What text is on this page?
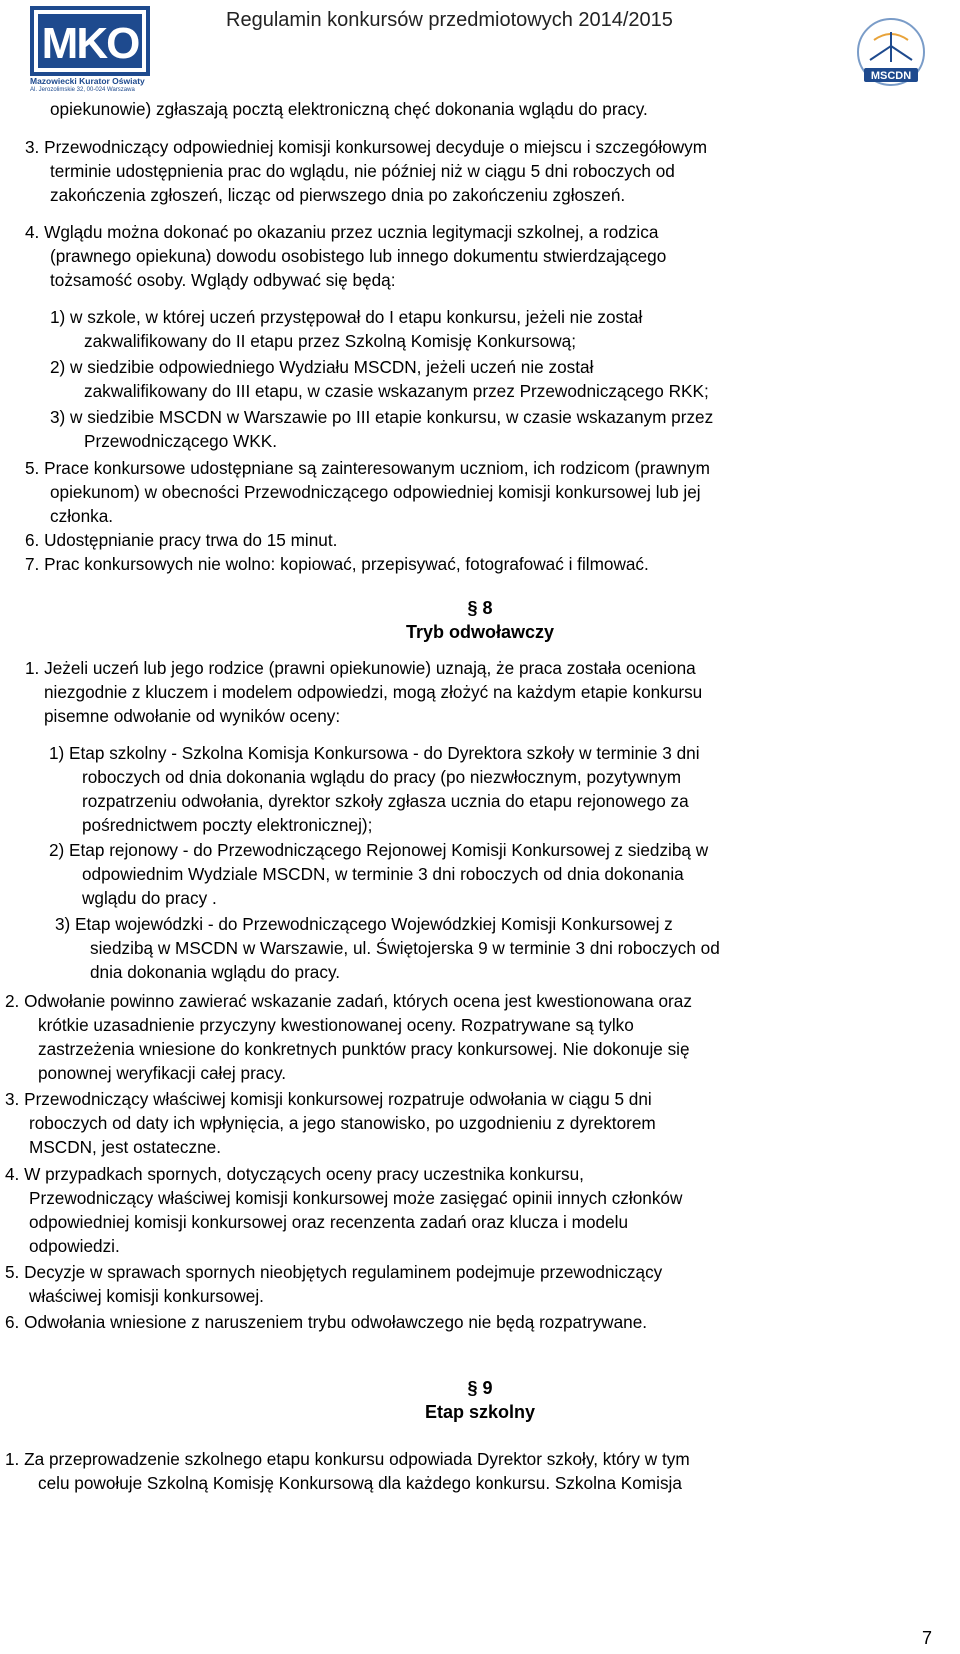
MKO
Mazowiecki Kurator Oświaty
Al. Jerozolimskie 32, 00-024 Warszawa
Regulamin konkursów przedmiotowych 2014/2015
MSCDN
opiekunowie) zgłaszają pocztą elektroniczną chęć dokonania wglądu do pracy.
3. Przewodniczący odpowiedniej komisji konkursowej decyduje o miejscu i szczegółowym
terminie udostępnienia prac do wglądu, nie później niż w ciągu 5 dni roboczych od
zakończenia zgłoszeń, licząc od pierwszego dnia po zakończeniu zgłoszeń.
4. Wglądu można dokonać po okazaniu przez ucznia legitymacji szkolnej, a rodzica
(prawnego opiekuna) dowodu osobistego lub innego dokumentu stwierdzającego
tożsamość osoby. Wglądy odbywać się będą:
1) w szkole, w której uczeń przystępował do I etapu konkursu, jeżeli nie został
zakwalifikowany do II etapu przez Szkolną Komisję Konkursową;
2) w siedzibie odpowiedniego Wydziału MSCDN, jeżeli uczeń nie został
zakwalifikowany do III etapu, w czasie wskazanym przez Przewodniczącego RKK;
3) w siedzibie MSCDN w Warszawie po III etapie konkursu, w czasie wskazanym przez
Przewodniczącego WKK.
5. Prace konkursowe udostępniane są zainteresowanym uczniom, ich rodzicom (prawnym
opiekunom) w obecności Przewodniczącego odpowiedniej komisji konkursowej lub jej
członka.
6. Udostępnianie pracy trwa do 15 minut.
7. Prac konkursowych nie wolno: kopiować, przepisywać, fotografować i filmować.
§ 8
Tryb odwoławczy
1. Jeżeli uczeń lub jego rodzice (prawni opiekunowie) uznają, że praca została oceniona
niezgodnie z kluczem i modelem odpowiedzi, mogą złożyć na każdym etapie konkursu
pisemne odwołanie od wyników oceny:
1) Etap szkolny - Szkolna Komisja Konkursowa - do Dyrektora szkoły w terminie 3 dni
roboczych od dnia dokonania wglądu do pracy (po niezwłocznym, pozytywnym
rozpatrzeniu odwołania, dyrektor szkoły zgłasza ucznia do etapu rejonowego za
pośrednictwem poczty elektronicznej);
2) Etap rejonowy - do Przewodniczącego Rejonowej Komisji Konkursowej z siedzibą w
odpowiednim Wydziale MSCDN, w terminie 3 dni roboczych od dnia dokonania
wglądu do pracy .
3) Etap wojewódzki - do Przewodniczącego Wojewódzkiej Komisji Konkursowej z
siedzibą w MSCDN w Warszawie, ul. Świętojerska 9 w terminie 3 dni roboczych od
dnia dokonania wglądu do pracy.
2. Odwołanie powinno zawierać wskazanie zadań, których ocena jest kwestionowana oraz
krótkie uzasadnienie przyczyny kwestionowanej oceny. Rozpatrywane są tylko
zastrzeżenia wniesione do konkretnych punktów pracy konkursowej. Nie dokonuje się
ponownej weryfikacji całej pracy.
3. Przewodniczący właściwej komisji konkursowej rozpatruje odwołania w ciągu 5 dni
roboczych od daty ich wpłynięcia, a jego stanowisko, po uzgodnieniu z dyrektorem
MSCDN, jest ostateczne.
4. W przypadkach spornych, dotyczących oceny pracy uczestnika konkursu,
Przewodniczący właściwej komisji konkursowej może zasięgać opinii innych członków
odpowiedniej komisji konkursowej oraz recenzenta zadań oraz klucza i modelu
odpowiedzi.
5. Decyzje w sprawach spornych nieobjętych regulaminem podejmuje przewodniczący
właściwej komisji konkursowej.
6. Odwołania wniesione z naruszeniem trybu odwoławczego nie będą rozpatrywane.
§ 9
Etap szkolny
1. Za przeprowadzenie szkolnego etapu konkursu odpowiada Dyrektor szkoły, który w tym
celu powołuje Szkolną Komisję Konkursową dla każdego konkursu. Szkolna Komisja
7
